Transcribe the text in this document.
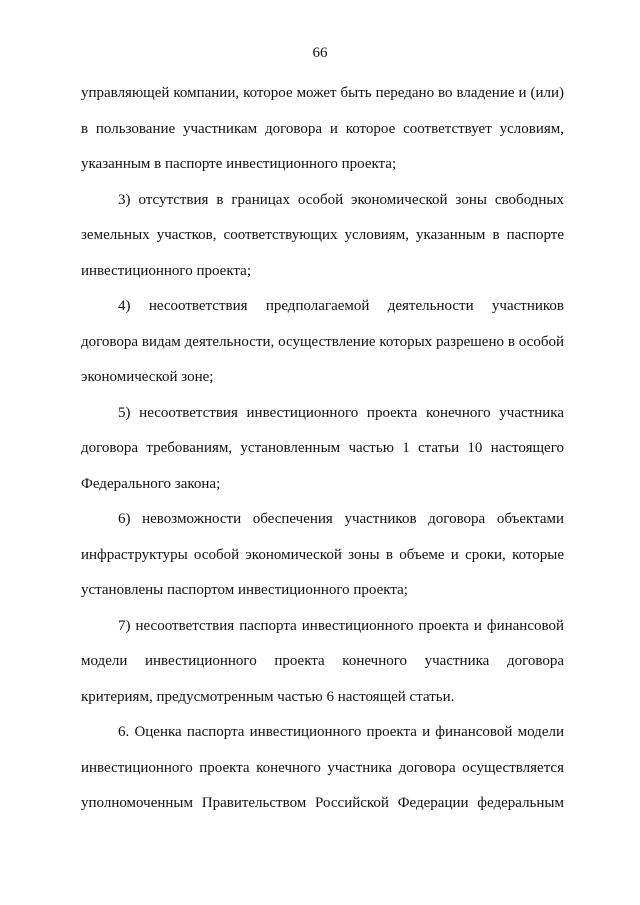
66
управляющей компании, которое может быть передано во владение и (или)
в пользование участникам договора и которое соответствует условиям,
указанным в паспорте инвестиционного проекта;
3) отсутствия в границах особой экономической зоны свободных
земельных участков, соответствующих условиям, указанным в паспорте
инвестиционного проекта;
4) несоответствия предполагаемой деятельности участников
договора видам деятельности, осуществление которых разрешено в особой
экономической зоне;
5) несоответствия инвестиционного проекта конечного участника
договора требованиям, установленным частью 1 статьи 10 настоящего
Федерального закона;
6) невозможности обеспечения участников договора объектами
инфраструктуры особой экономической зоны в объеме и сроки, которые
установлены паспортом инвестиционного проекта;
7) несоответствия паспорта инвестиционного проекта и финансовой
модели инвестиционного проекта конечного участника договора
критериям, предусмотренным частью 6 настоящей статьи.
6. Оценка паспорта инвестиционного проекта и финансовой модели
инвестиционного проекта конечного участника договора осуществляется
уполномоченным Правительством Российской Федерации федеральным
